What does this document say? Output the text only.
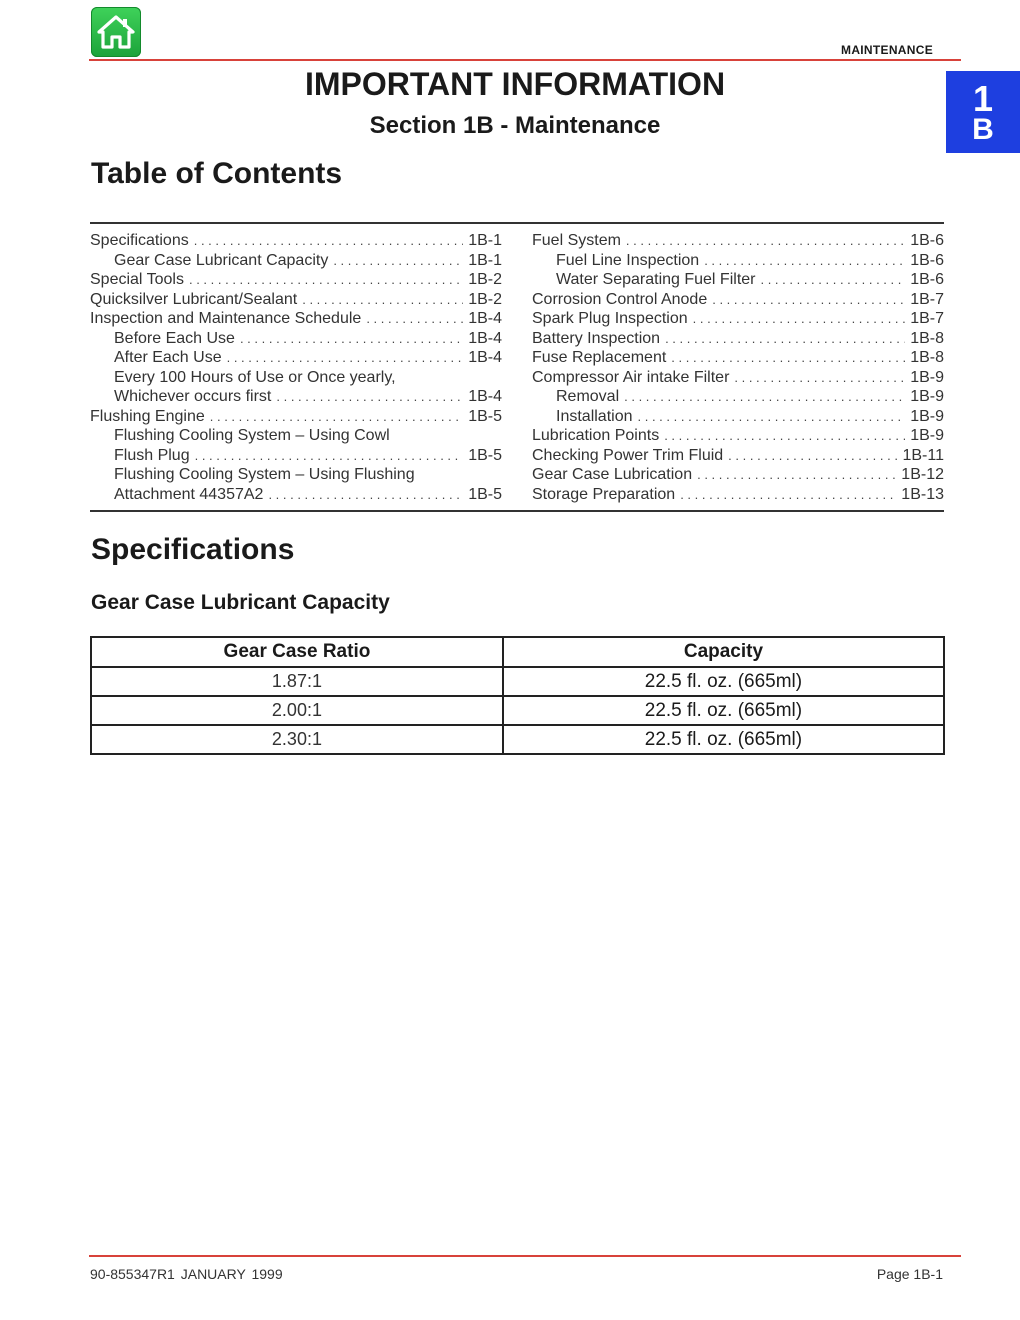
MAINTENANCE
IMPORTANT INFORMATION
Section 1B - Maintenance
1
B
Table of Contents
Specifications . . .	1B-1
Gear Case Lubricant Capacity . . .	1B-1
Special Tools . . .	1B-2
Quicksilver Lubricant/Sealant . . .	1B-2
Inspection and Maintenance Schedule . . .	1B-4
Before Each Use . . .	1B-4
After Each Use . . .	1B-4
Every 100 Hours of Use or Once yearly,
Whichever occurs first . . .	1B-4
Flushing Engine . . .	1B-5
Flushing Cooling System – Using Cowl
Flush Plug . . .	1B-5
Flushing Cooling System – Using Flushing
Attachment 44357A2 . . .	1B-5
Fuel System . . .	1B-6
Fuel Line Inspection . . .	1B-6
Water Separating Fuel Filter . . .	1B-6
Corrosion Control Anode . . .	1B-7
Spark Plug Inspection . . .	1B-7
Battery Inspection . . .	1B-8
Fuse Replacement . . .	1B-8
Compressor Air intake Filter . . .	1B-9
Removal . . .	1B-9
Installation . . .	1B-9
Lubrication Points . . .	1B-9
Checking Power Trim Fluid . . .	1B-11
Gear Case Lubrication . . .	1B-12
Storage Preparation . . .	1B-13
Specifications
Gear Case Lubricant Capacity
Gear Case Ratio	Capacity
1.87:1	22.5 fl. oz. (665ml)
2.00:1	22.5 fl. oz. (665ml)
2.30:1	22.5 fl. oz. (665ml)
90-855347R1 JANUARY 1999	Page 1B-1
